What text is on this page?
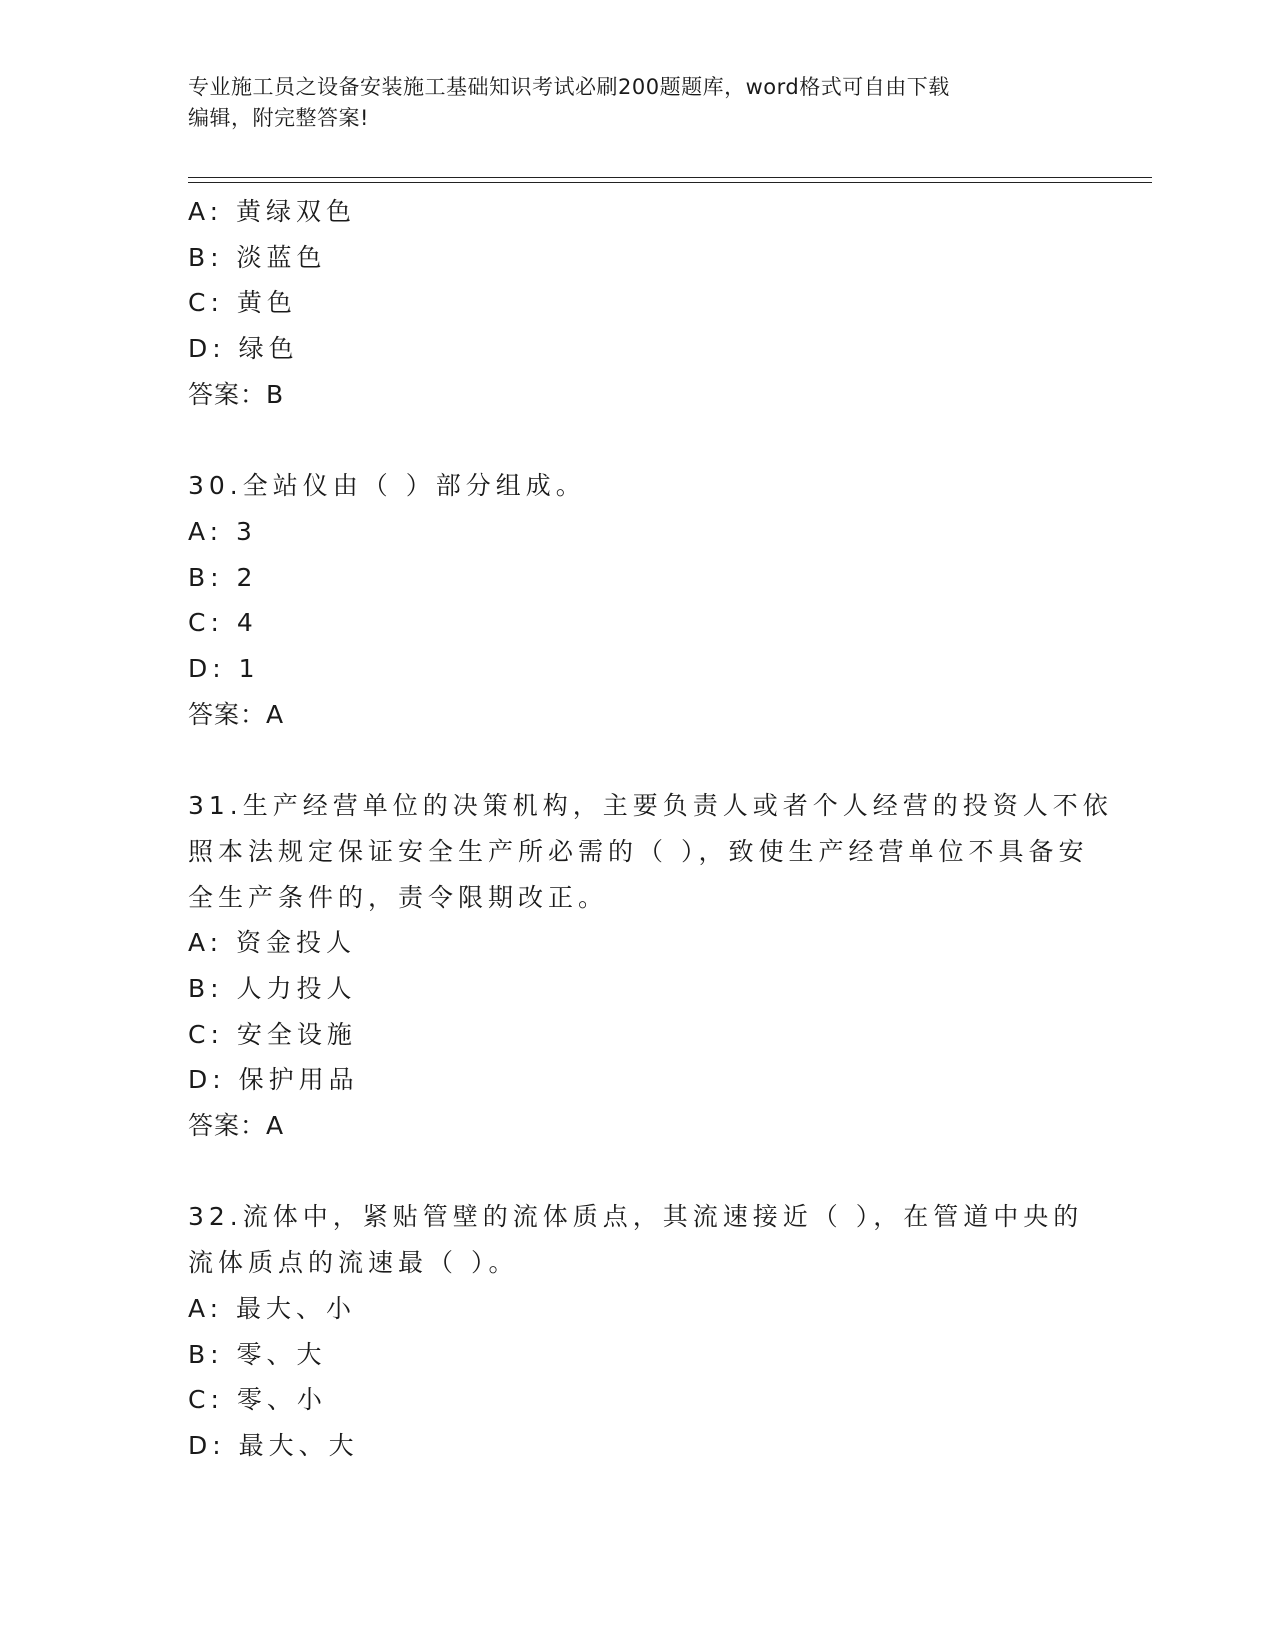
专业施工员之设备安装施工基础知识考试必刷200题题库，word格式可自由下载
编辑，附完整答案!
A: 黄绿双色
B: 淡蓝色
C: 黄色
D: 绿色
答案：B
30.全站仪由（ ）部分组成。
A: 3
B: 2
C: 4
D: 1
答案：A
31.生产经营单位的决策机构，主要负责人或者个人经营的投资人不依
照本法规定保证安全生产所必需的（ ），致使生产经营单位不具备安
全生产条件的，责令限期改正。
A: 资金投人
B: 人力投人
C: 安全设施
D: 保护用品
答案：A
32.流体中，紧贴管壁的流体质点，其流速接近（ ），在管道中央的
流体质点的流速最（ ）。
A: 最大、小
B: 零、大
C: 零、小
D: 最大、大
